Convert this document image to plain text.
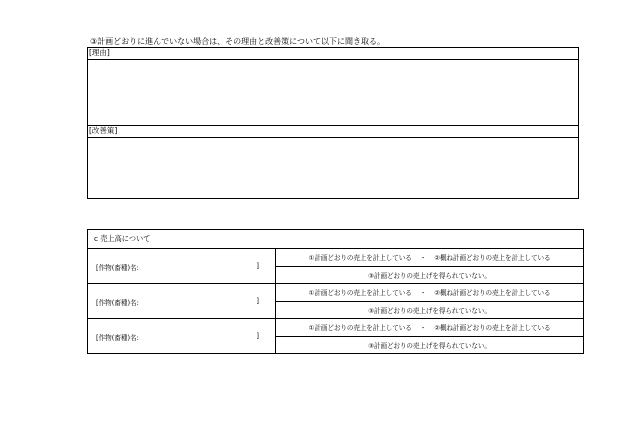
③計画どおりに進んでいない場合は、その理由と改善策について以下に聞き取る。
[理由]
[改善策]
c 売上高について	

[作物(畜種)名: ]	①計画どおりの売上を計上している ・ ②概ね計画どおりの売上を計上している
	③計画どおりの売上げを得られていない。

[作物(畜種)名: ]	①計画どおりの売上を計上している ・ ②概ね計画どおりの売上を計上している
	③計画どおりの売上げを得られていない。

[作物(畜種)名: ]	①計画どおりの売上を計上している ・ ②概ね計画どおりの売上を計上している
	③計画どおりの売上げを得られていない。
